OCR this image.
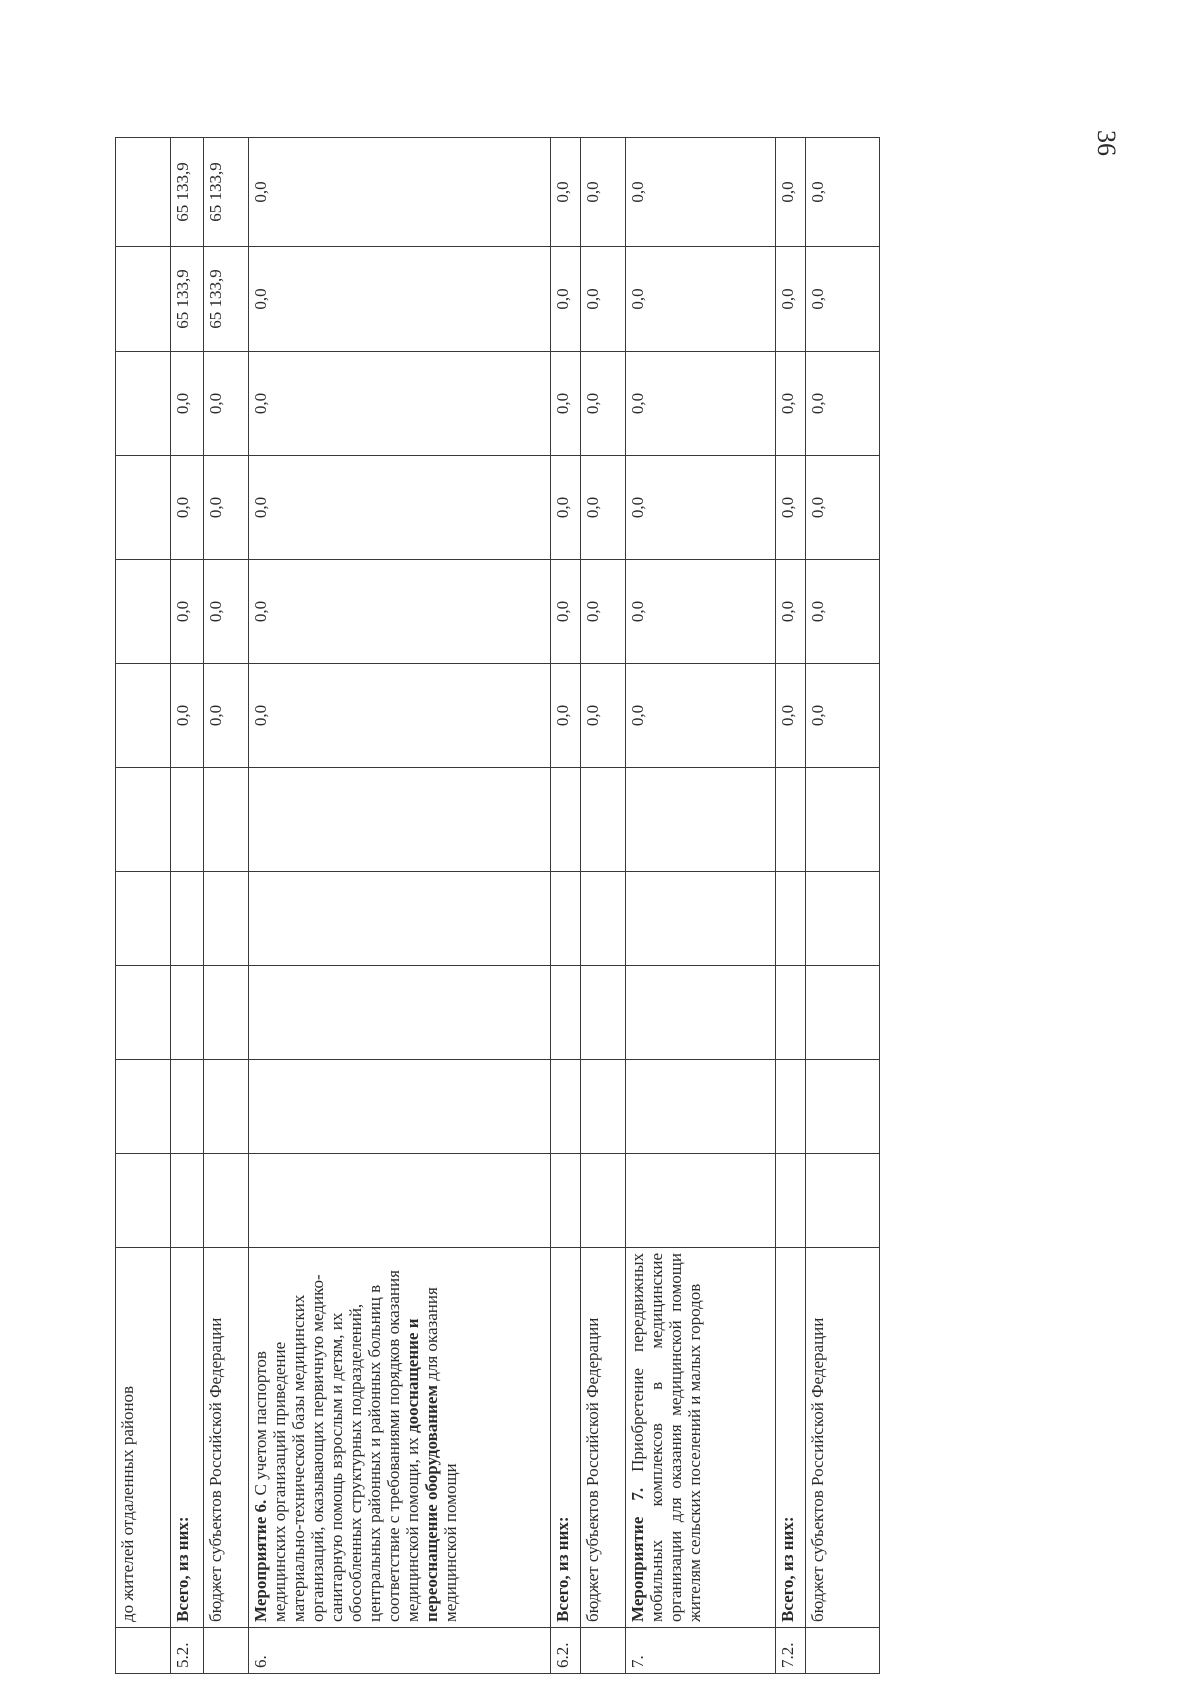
36
	до жителей отдаленных районов											
5.2.	Всего, из них:						0,0	0,0	0,0	0,0	65 133,9	65 133,9
	бюджет субъектов Российской Федерации						0,0	0,0	0,0	0,0	65 133,9	65 133,9
6.	Мероприятие 6. С учетом паспортов медицинских организаций приведение материально-технической базы медицинских организаций, оказывающих первичную медико-санитарную помощь взрослым и детям, их обособленных структурных подразделений, центральных районных и районных больниц в соответствие с требованиями порядков оказания медицинской помощи, их дооснащение и переоснащение оборудованием для оказания медицинской помощи						0,0	0,0	0,0	0,0	0,0	0,0
6.2.	Всего, из них:						0,0	0,0	0,0	0,0	0,0	0,0
	бюджет субъектов Российской Федерации						0,0	0,0	0,0	0,0	0,0	0,0
7.	Мероприятие 7. Приобретение передвижных мобильных комплексов в медицинские организации для оказания медицинской помощи жителям сельских поселений и малых городов						0,0	0,0	0,0	0,0	0,0	0,0
7.2.	Всего, из них:						0,0	0,0	0,0	0,0	0,0	0,0
	бюджет субъектов Российской Федерации						0,0	0,0	0,0	0,0	0,0	0,0
